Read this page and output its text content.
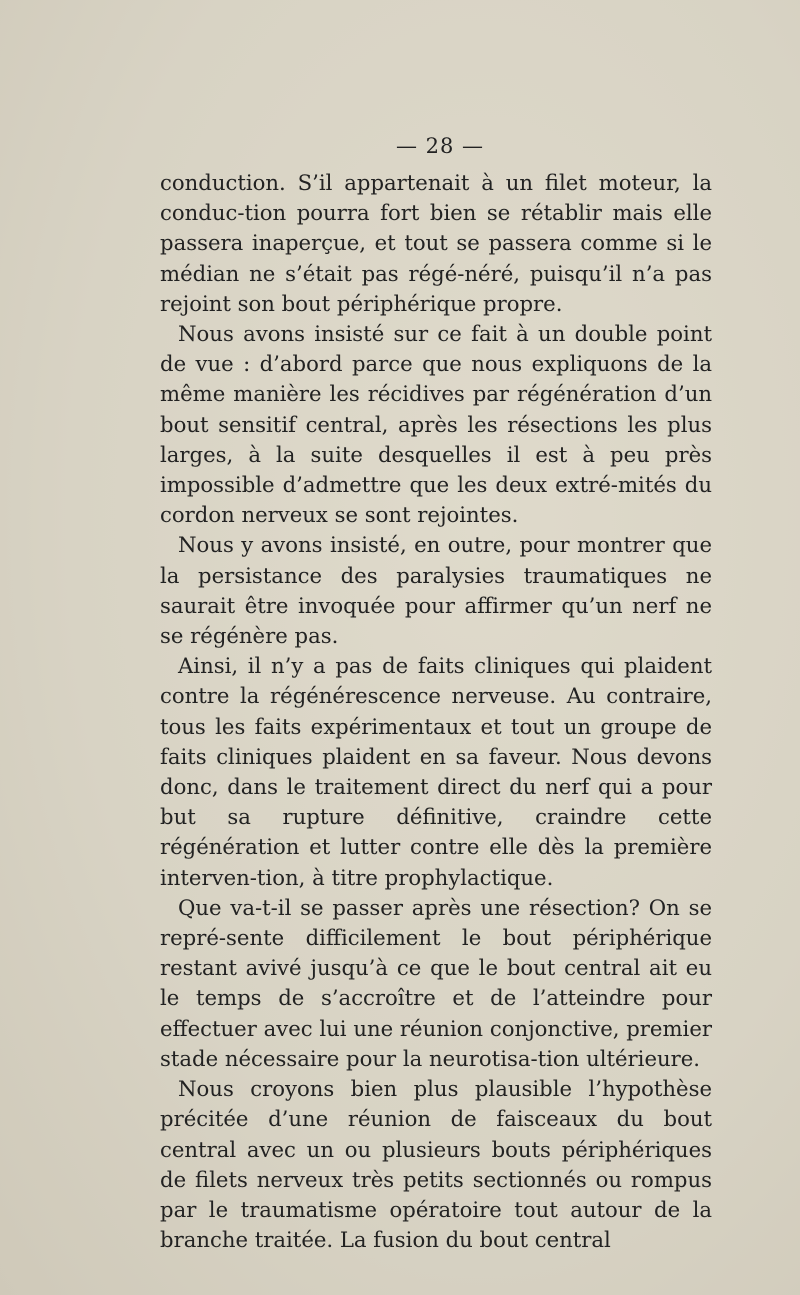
— 28 —

conduction. S’il appartenait à un filet moteur, la conduc-tion pourra fort bien se rétablir mais elle passera inaperçue, et tout se passera comme si le médian ne s’était pas régé-néré, puisqu’il n’a pas rejoint son bout périphérique propre.

Nous avons insisté sur ce fait à un double point de vue : d’abord parce que nous expliquons de la même manière les récidives par régénération d’un bout sensitif central, après les résections les plus larges, à la suite desquelles il est à peu près impossible d’admettre que les deux extré-mités du cordon nerveux se sont rejointes.

Nous y avons insisté, en outre, pour montrer que la persistance des paralysies traumatiques ne saurait être invoquée pour affirmer qu’un nerf ne se régénère pas.

Ainsi, il n’y a pas de faits cliniques qui plaident contre la régénérescence nerveuse. Au contraire, tous les faits expérimentaux et tout un groupe de faits cliniques plaident en sa faveur. Nous devons donc, dans le traitement direct du nerf qui a pour but sa rupture définitive, craindre cette régénération et lutter contre elle dès la première interven-tion, à titre prophylactique.

Que va-t-il se passer après une résection? On se repré-sente difficilement le bout périphérique restant avivé jusqu’à ce que le bout central ait eu le temps de s’accroître et de l’atteindre pour effectuer avec lui une réunion conjonctive, premier stade nécessaire pour la neurotisa-tion ultérieure.

Nous croyons bien plus plausible l’hypothèse précitée d’une réunion de faisceaux du bout central avec un ou plusieurs bouts périphériques de filets nerveux très petits sectionnés ou rompus par le traumatisme opératoire tout autour de la branche traitée. La fusion du bout central
